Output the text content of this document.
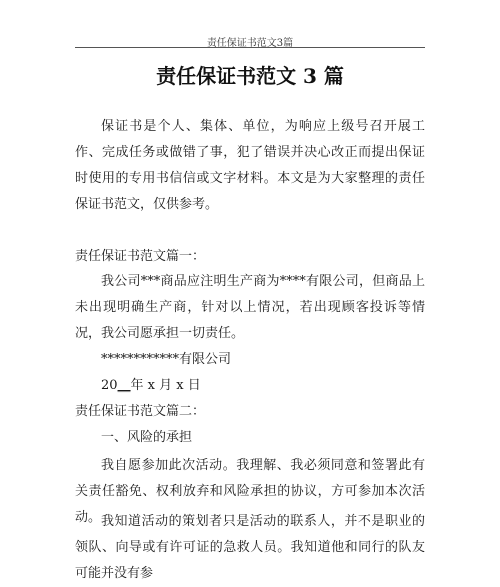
责任保证书范文3篇
责任保证书范文 3 篇

保证书是个人、集体、单位，为响应上级号召开展工作、完成任务或做错了事，犯了错误并决心改正而提出保证时使用的专用书信信或文字材料。本文是为大家整理的责任保证书范文，仅供参考。

责任保证书范文篇一：

我公司***商品应注明生产商为****有限公司，但商品上未出现明确生产商，针对以上情况，若出现顾客投诉等情况，我公司愿承担一切责任。

************有限公司
20__年 x 月 x 日
责任保证书范文篇二：
一、风险的承担

我自愿参加此次活动。我理解、我必须同意和签署此有关责任豁免、权利放弃和风险承担的协议，方可参加本次活动。 我知道活动的策划者只是活动的联系人，并不是职业的领队、向导或有许可证的急救人员。我知道他和同行的队友可能并没有参
